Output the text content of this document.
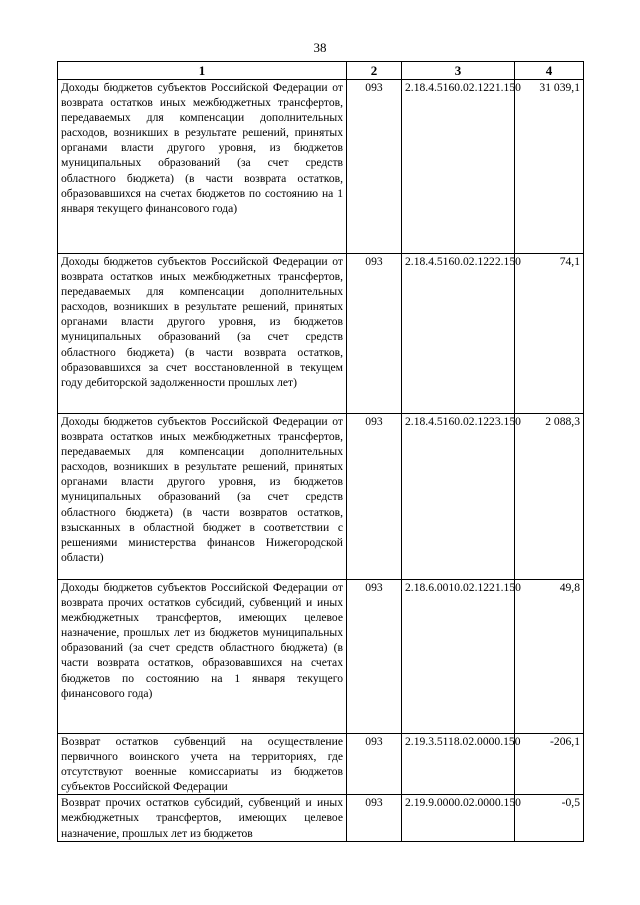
38
1	2	3	4
Доходы бюджетов субъектов Российской Федерации от возврата остатков иных межбюджетных трансфертов, передаваемых для компенсации дополнительных расходов, возникших в результате решений, принятых органами власти другого уровня, из бюджетов муниципальных образований (за счет средств областного бюджета) (в части возврата остатков, образовавшихся на счетах бюджетов по состоянию на 1 января текущего финансового года)	093	2.18.4.5160.02.1221.150	31 039,1
Доходы бюджетов субъектов Российской Федерации от возврата остатков иных межбюджетных трансфертов, передаваемых для компенсации дополнительных расходов, возникших в результате решений, принятых органами власти другого уровня, из бюджетов муниципальных образований (за счет средств областного бюджета) (в части возврата остатков, образовавшихся за счет восстановленной в текущем году дебиторской задолженности прошлых лет)	093	2.18.4.5160.02.1222.150	74,1
Доходы бюджетов субъектов Российской Федерации от возврата остатков иных межбюджетных трансфертов, передаваемых для компенсации дополнительных расходов, возникших в результате решений, принятых органами власти другого уровня, из бюджетов муниципальных образований (за счет средств областного бюджета) (в части возвратов остатков, взысканных в областной бюджет в соответствии с решениями министерства финансов Нижегородской области)	093	2.18.4.5160.02.1223.150	2 088,3
Доходы бюджетов субъектов Российской Федерации от возврата прочих остатков субсидий, субвенций и иных межбюджетных трансфертов, имеющих целевое назначение, прошлых лет из бюджетов муниципальных образований (за счет средств областного бюджета) (в части возврата остатков, образовавшихся на счетах бюджетов по состоянию на 1 января текущего финансового года)	093	2.18.6.0010.02.1221.150	49,8
Возврат остатков субвенций на осуществление первичного воинского учета на территориях, где отсутствуют военные комиссариаты из бюджетов субъектов Российской Федерации	093	2.19.3.5118.02.0000.150	-206,1
Возврат прочих остатков субсидий, субвенций и иных межбюджетных трансфертов, имеющих целевое назначение, прошлых лет из бюджетов	093	2.19.9.0000.02.0000.150	-0,5
